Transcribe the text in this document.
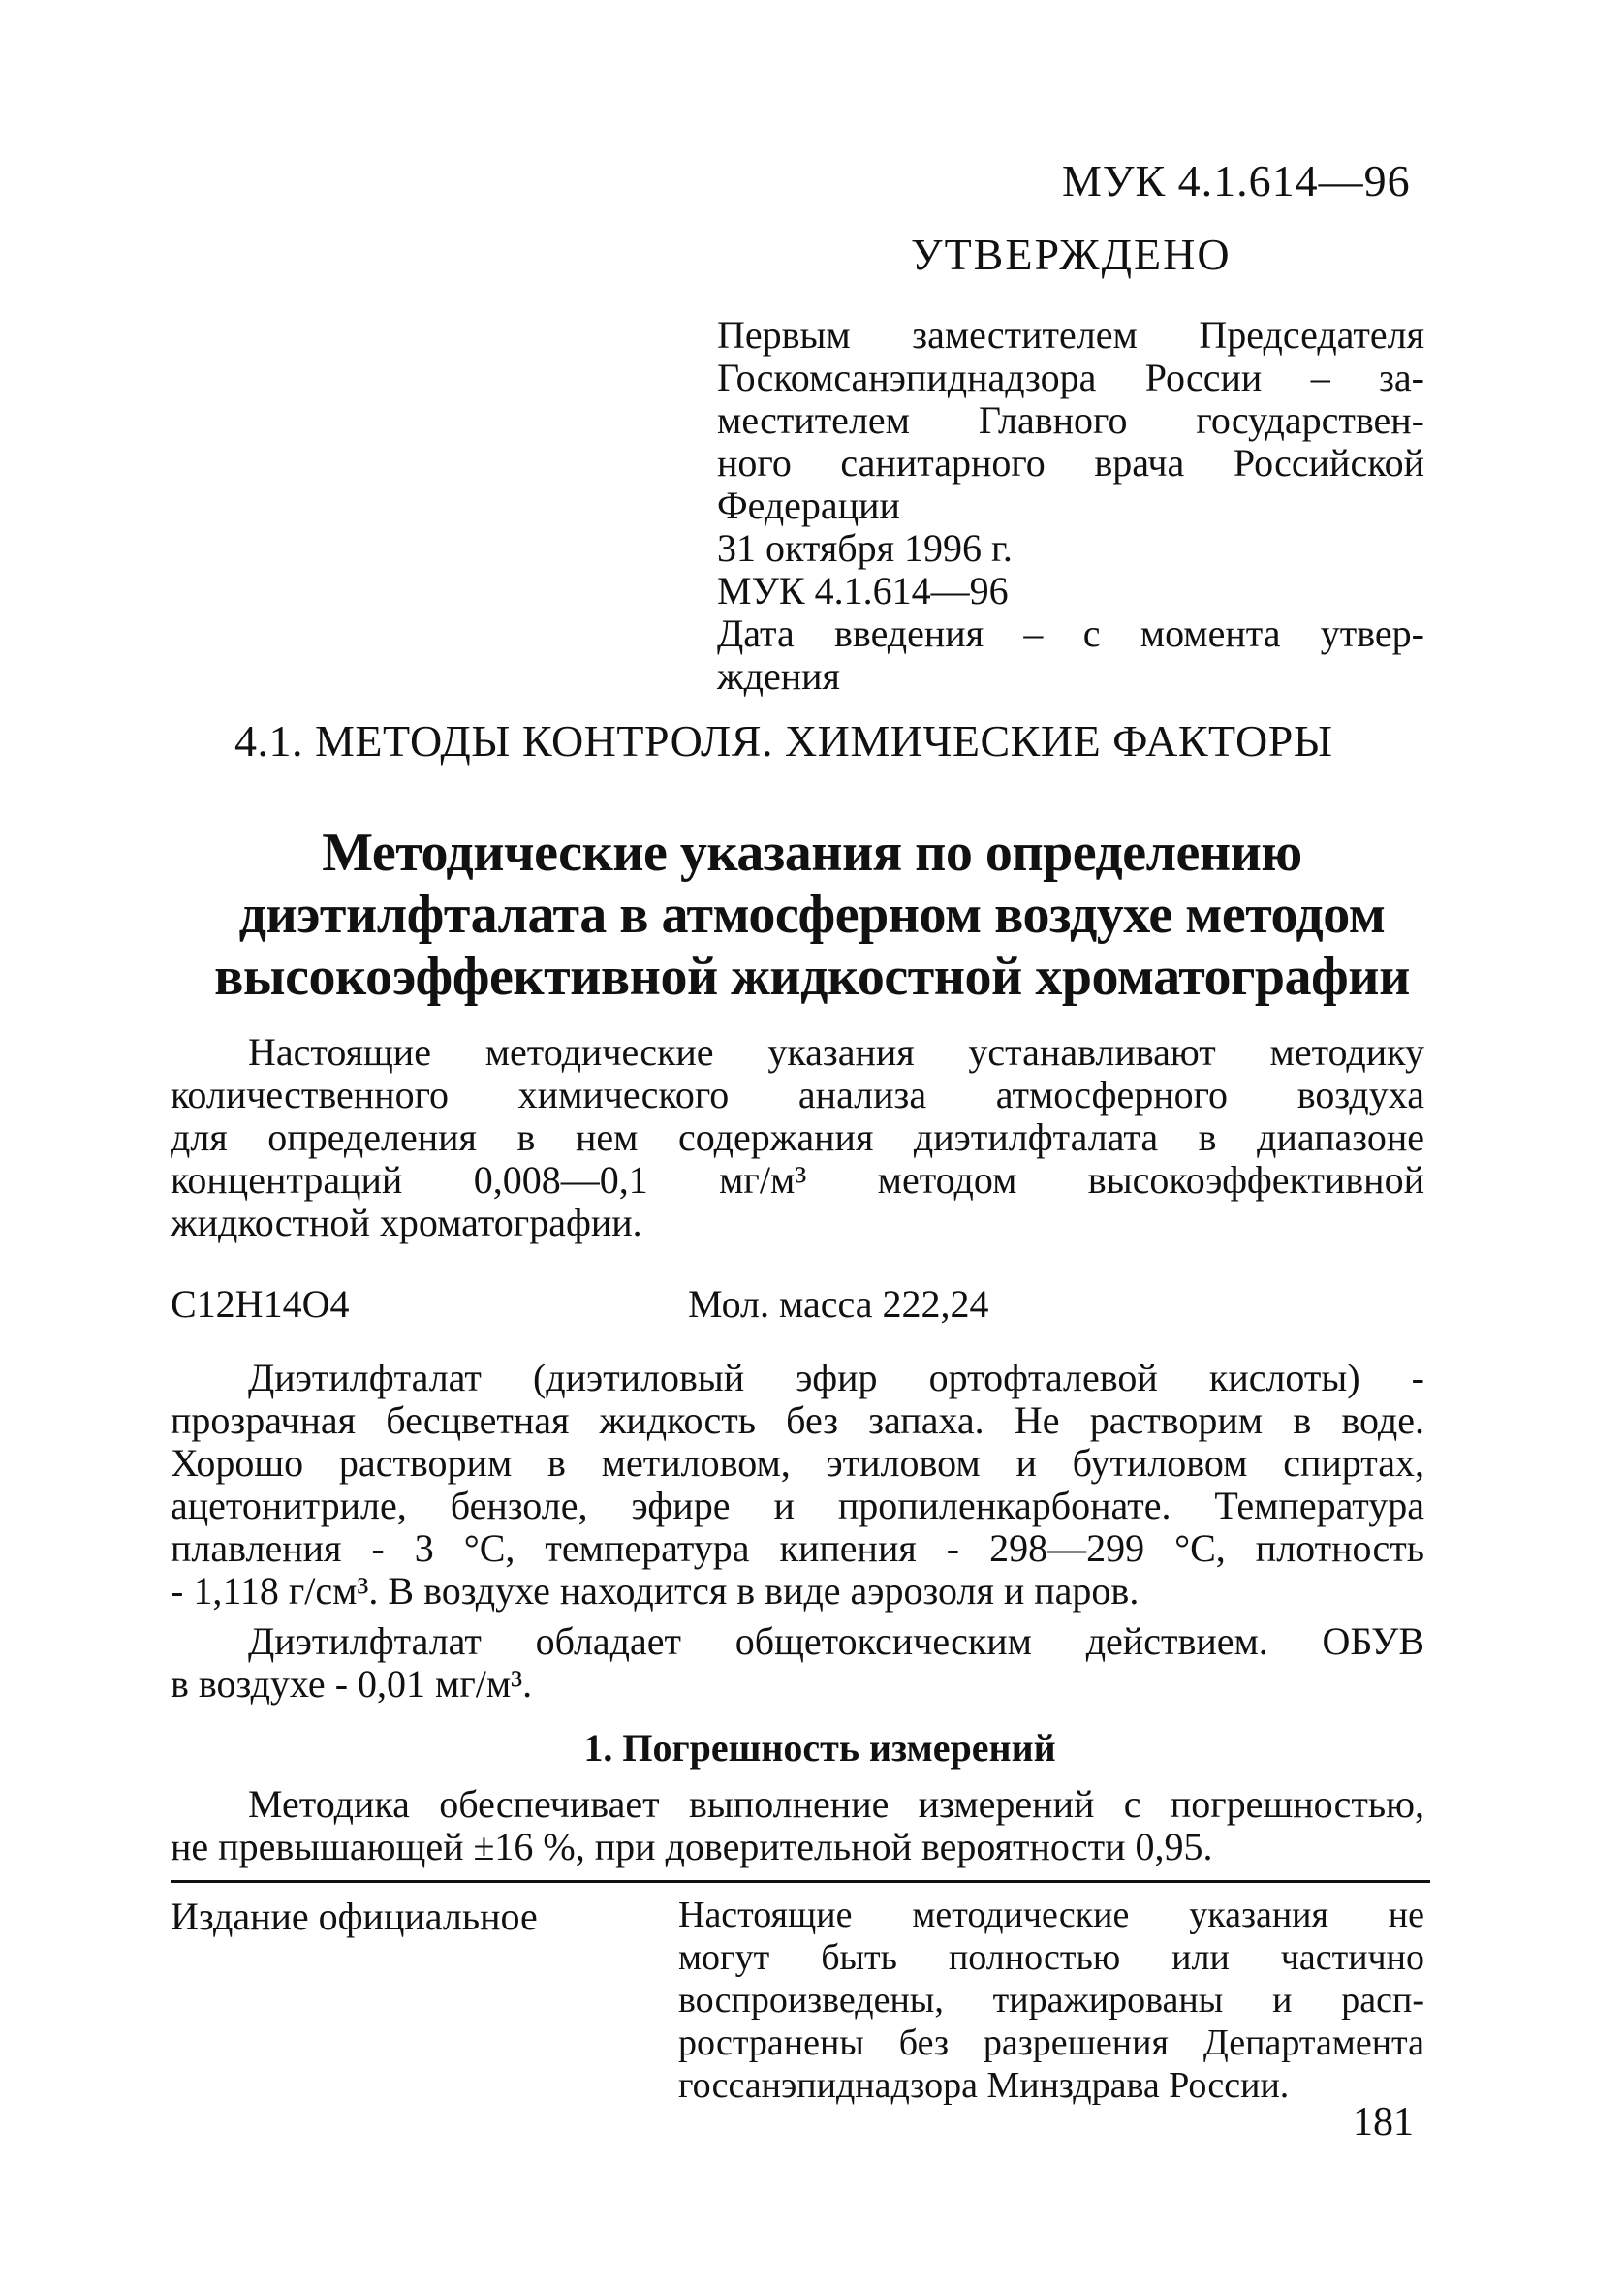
МУК 4.1.614—96
УТВЕРЖДЕНО
Первым заместителем Председателя
Госкомсанэпиднадзора России – за-
местителем Главного государствен-
ного санитарного врача Российской
Федерации
31 октября 1996 г.
МУК 4.1.614—96
Дата введения – с момента утвер-
ждения
4.1. МЕТОДЫ КОНТРОЛЯ. ХИМИЧЕСКИЕ ФАКТОРЫ
Методические указания по определению
диэтилфталата в атмосферном воздухе методом
высокоэффективной жидкостной хроматографии
Настоящие методические указания устанавливают методику
количественного химического анализа атмосферного воздуха
для определения в нем содержания диэтилфталата в диапазоне
концентраций 0,008—0,1 мг/м³ методом высокоэффективной
жидкостной хроматографии.
C12H14O4	Мол. масса 222,24
Диэтилфталат (диэтиловый эфир ортофталевой кислоты) -
прозрачная бесцветная жидкость без запаха. Не растворим в воде.
Хорошо растворим в метиловом, этиловом и бутиловом спиртах,
ацетонитриле, бензоле, эфире и пропиленкарбонате. Температура
плавления - 3 °С, температура кипения - 298—299 °С, плотность
- 1,118 г/см³. В воздухе находится в виде аэрозоля и паров.
Диэтилфталат обладает общетоксическим действием. ОБУВ
в воздухе - 0,01 мг/м³.
1. Погрешность измерений
Методика обеспечивает выполнение измерений с погрешностью,
не превышающей ±16 %, при доверительной вероятности 0,95.
Издание официальное	Настоящие методические указания не
могут быть полностью или частично
воспроизведены, тиражированы и расп-
ространены без разрешения Департамента
госсанэпиднадзора Минздрава России.
181
